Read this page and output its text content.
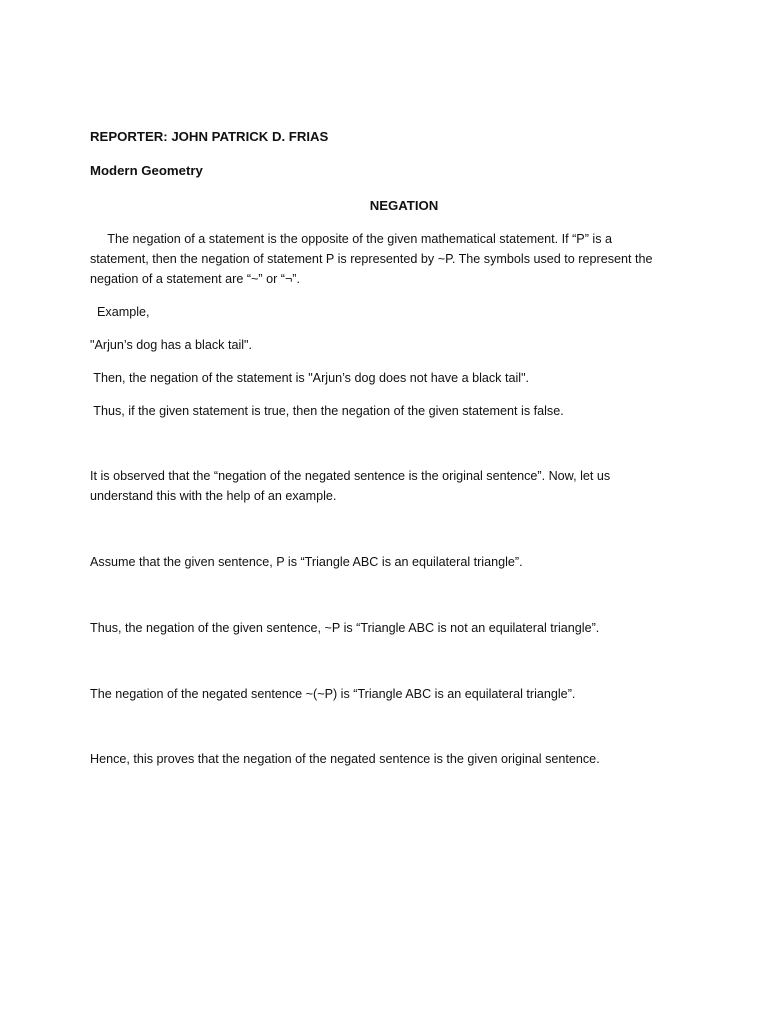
REPORTER: JOHN PATRICK D. FRIAS
Modern Geometry
NEGATION
The negation of a statement is the opposite of the given mathematical statement. If “P” is a
statement, then the negation of statement P is represented by ~P. The symbols used to represent the
negation of a statement are “~” or “¬”.
Example,
"Arjun’s dog has a black tail".
Then, the negation of the statement is "Arjun’s dog does not have a black tail".
Thus, if the given statement is true, then the negation of the given statement is false.
It is observed that the “negation of the negated sentence is the original sentence”. Now, let us
understand this with the help of an example.
Assume that the given sentence, P is “Triangle ABC is an equilateral triangle”.
Thus, the negation of the given sentence, ~P is “Triangle ABC is not an equilateral triangle”.
The negation of the negated sentence ~(~P) is “Triangle ABC is an equilateral triangle”.
Hence, this proves that the negation of the negated sentence is the given original sentence.
